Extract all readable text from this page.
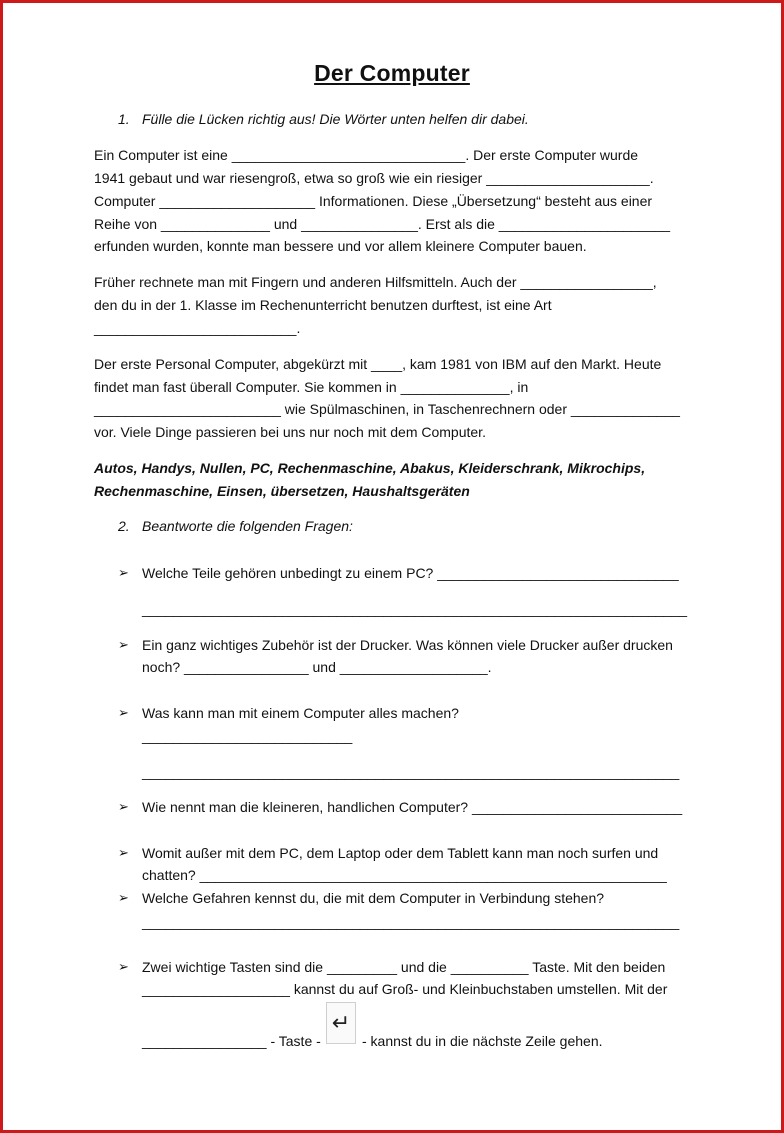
Der Computer
1. Fülle die Lücken richtig aus! Die Wörter unten helfen dir dabei.
Ein Computer ist eine ______________________________. Der erste Computer wurde
1941 gebaut und war riesengroß, etwa so groß wie ein riesiger _____________________.
Computer ____________________ Informationen. Diese „Übersetzung“ besteht aus einer
Reihe von ______________ und _______________. Erst als die ______________________
erfunden wurden, konnte man bessere und vor allem kleinere Computer bauen.
Früher rechnete man mit Fingern und anderen Hilfsmitteln. Auch der _________________,
den du in der 1. Klasse im Rechenunterricht benutzen durftest, ist eine Art
__________________________.
Der erste Personal Computer, abgekürzt mit ____, kam 1981 von IBM auf den Markt. Heute
findet man fast überall Computer. Sie kommen in ______________, in
________________________ wie Spülmaschinen, in Taschenrechnern oder ______________
vor. Viele Dinge passieren bei uns nur noch mit dem Computer.
Autos, Handys, Nullen, PC, Rechenmaschine, Abakus, Kleiderschrank, Mikrochips,
Rechenmaschine, Einsen, übersetzen, Haushaltsgeräten
2. Beantworte die folgenden Fragen:
➢ Welche Teile gehören unbedingt zu einem PC? _______________________________
______________________________________________________________________
➢ Ein ganz wichtiges Zubehör ist der Drucker. Was können viele Drucker außer drucken
noch? ________________ und ___________________.
➢ Was kann man mit einem Computer alles machen?
___________________________
_____________________________________________________________________
➢ Wie nennt man die kleineren, handlichen Computer? ___________________________
➢ Womit außer mit dem PC, dem Laptop oder dem Tablett kann man noch surfen und
chatten? ____________________________________________________________
➢ Welche Gefahren kennst du, die mit dem Computer in Verbindung stehen?
_____________________________________________________________________
➢ Zwei wichtige Tasten sind die _________ und die __________ Taste. Mit den beiden
___________________ kannst du auf Groß- und Kleinbuchstaben umstellen. Mit der
________________ - Taste -
↵
- kannst du in die nächste Zeile gehen.
